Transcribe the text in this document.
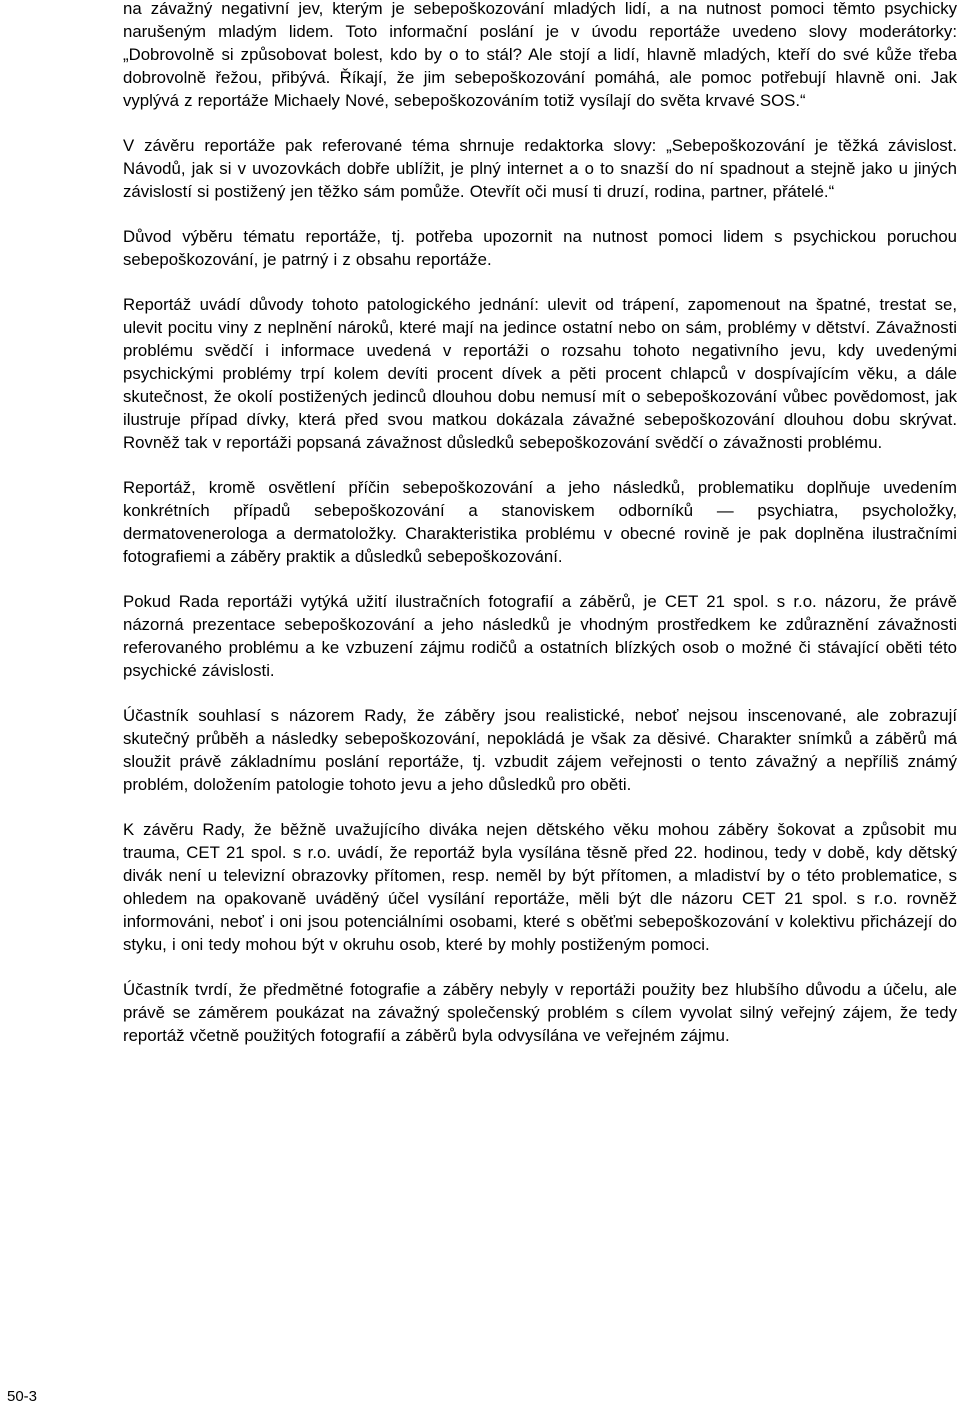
na závažný negativní jev, kterým je sebepoškozování mladých lidí, a na nutnost pomoci těmto psychicky narušeným mladým lidem. Toto informační poslání je v úvodu reportáže uvedeno slovy moderátorky: „Dobrovolně si způsobovat bolest, kdo by o to stál? Ale stojí a lidí, hlavně mladých, kteří do své kůže třeba dobrovolně řežou, přibývá. Říkají, že jim sebepoškozování pomáhá, ale pomoc potřebují hlavně oni. Jak vyplývá z reportáže Michaely Nové, sebepoškozováním totiž vysílají do světa krvavé SOS.“

V závěru reportáže pak referované téma shrnuje redaktorka slovy: „Sebepoškozování je těžká závislost. Návodů, jak si v uvozovkách dobře ublížit, je plný internet a o to snazší do ní spadnout a stejně jako u jiných závislostí si postižený jen těžko sám pomůže. Otevřít oči musí ti druzí, rodina, partner, přátelé.“

Důvod výběru tématu reportáže, tj. potřeba upozornit na nutnost pomoci lidem s psychickou poruchou sebepoškozování, je patrný i z obsahu reportáže.

Reportáž uvádí důvody tohoto patologického jednání: ulevit od trápení, zapomenout na špatné, trestat se, ulevit pocitu viny z neplnění nároků, které mají na jedince ostatní nebo on sám, problémy v dětství. Závažnosti problému svědčí i informace uvedená v reportáži o rozsahu tohoto negativního jevu, kdy uvedenými psychickými problémy trpí kolem devíti procent dívek a pěti procent chlapců v dospívajícím věku, a dále skutečnost, že okolí postižených jedinců dlouhou dobu nemusí mít o sebepoškozování vůbec povědomost, jak ilustruje případ dívky, která před svou matkou dokázala závažné sebepoškozování dlouhou dobu skrývat. Rovněž tak v reportáži popsaná závažnost důsledků sebepoškozování svědčí o závažnosti problému.

Reportáž, kromě osvětlení příčin sebepoškozování a jeho následků, problematiku doplňuje uvedením konkrétních případů sebepoškozování a stanoviskem odborníků — psychiatra, psycholožky, dermatovenerologa a dermatoložky. Charakteristika problému v obecné rovině je pak doplněna ilustračními fotografiemi a záběry praktik a důsledků sebepoškozování.

Pokud Rada reportáži vytýká užití ilustračních fotografií a záběrů, je CET 21 spol. s r.o. názoru, že právě názorná prezentace sebepoškozování a jeho následků je vhodným prostředkem ke zdůraznění závažnosti referovaného problému a ke vzbuzení zájmu rodičů a ostatních blízkých osob o možné či stávající oběti této psychické závislosti.

Účastník souhlasí s názorem Rady, že záběry jsou realistické, neboť nejsou inscenované, ale zobrazují skutečný průběh a následky sebepoškozování, nepokládá je však za děsivé. Charakter snímků a záběrů má sloužit právě základnímu poslání reportáže, tj. vzbudit zájem veřejnosti o tento závažný a nepříliš známý problém, doložením patologie tohoto jevu a jeho důsledků pro oběti.

K závěru Rady, že běžně uvažujícího diváka nejen dětského věku mohou záběry šokovat a způsobit mu trauma, CET 21 spol. s r.o. uvádí, že reportáž byla vysílána těsně před 22. hodinou, tedy v době, kdy dětský divák není u televizní obrazovky přítomen, resp. neměl by být přítomen, a mladiství by o této problematice, s ohledem na opakovaně uváděný účel vysílání reportáže, měli být dle názoru CET 21 spol. s r.o. rovněž informováni, neboť i oni jsou potenciálními osobami, které s oběťmi sebepoškozování v kolektivu přicházejí do styku, i oni tedy mohou být v okruhu osob, které by mohly postiženým pomoci.

Účastník tvrdí, že předmětné fotografie a záběry nebyly v reportáži použity bez hlubšího důvodu a účelu, ale právě se záměrem poukázat na závažný společenský problém s cílem vyvolat silný veřejný zájem, že tedy reportáž včetně použitých fotografií a záběrů byla odvysílána ve veřejném zájmu.

50-3
